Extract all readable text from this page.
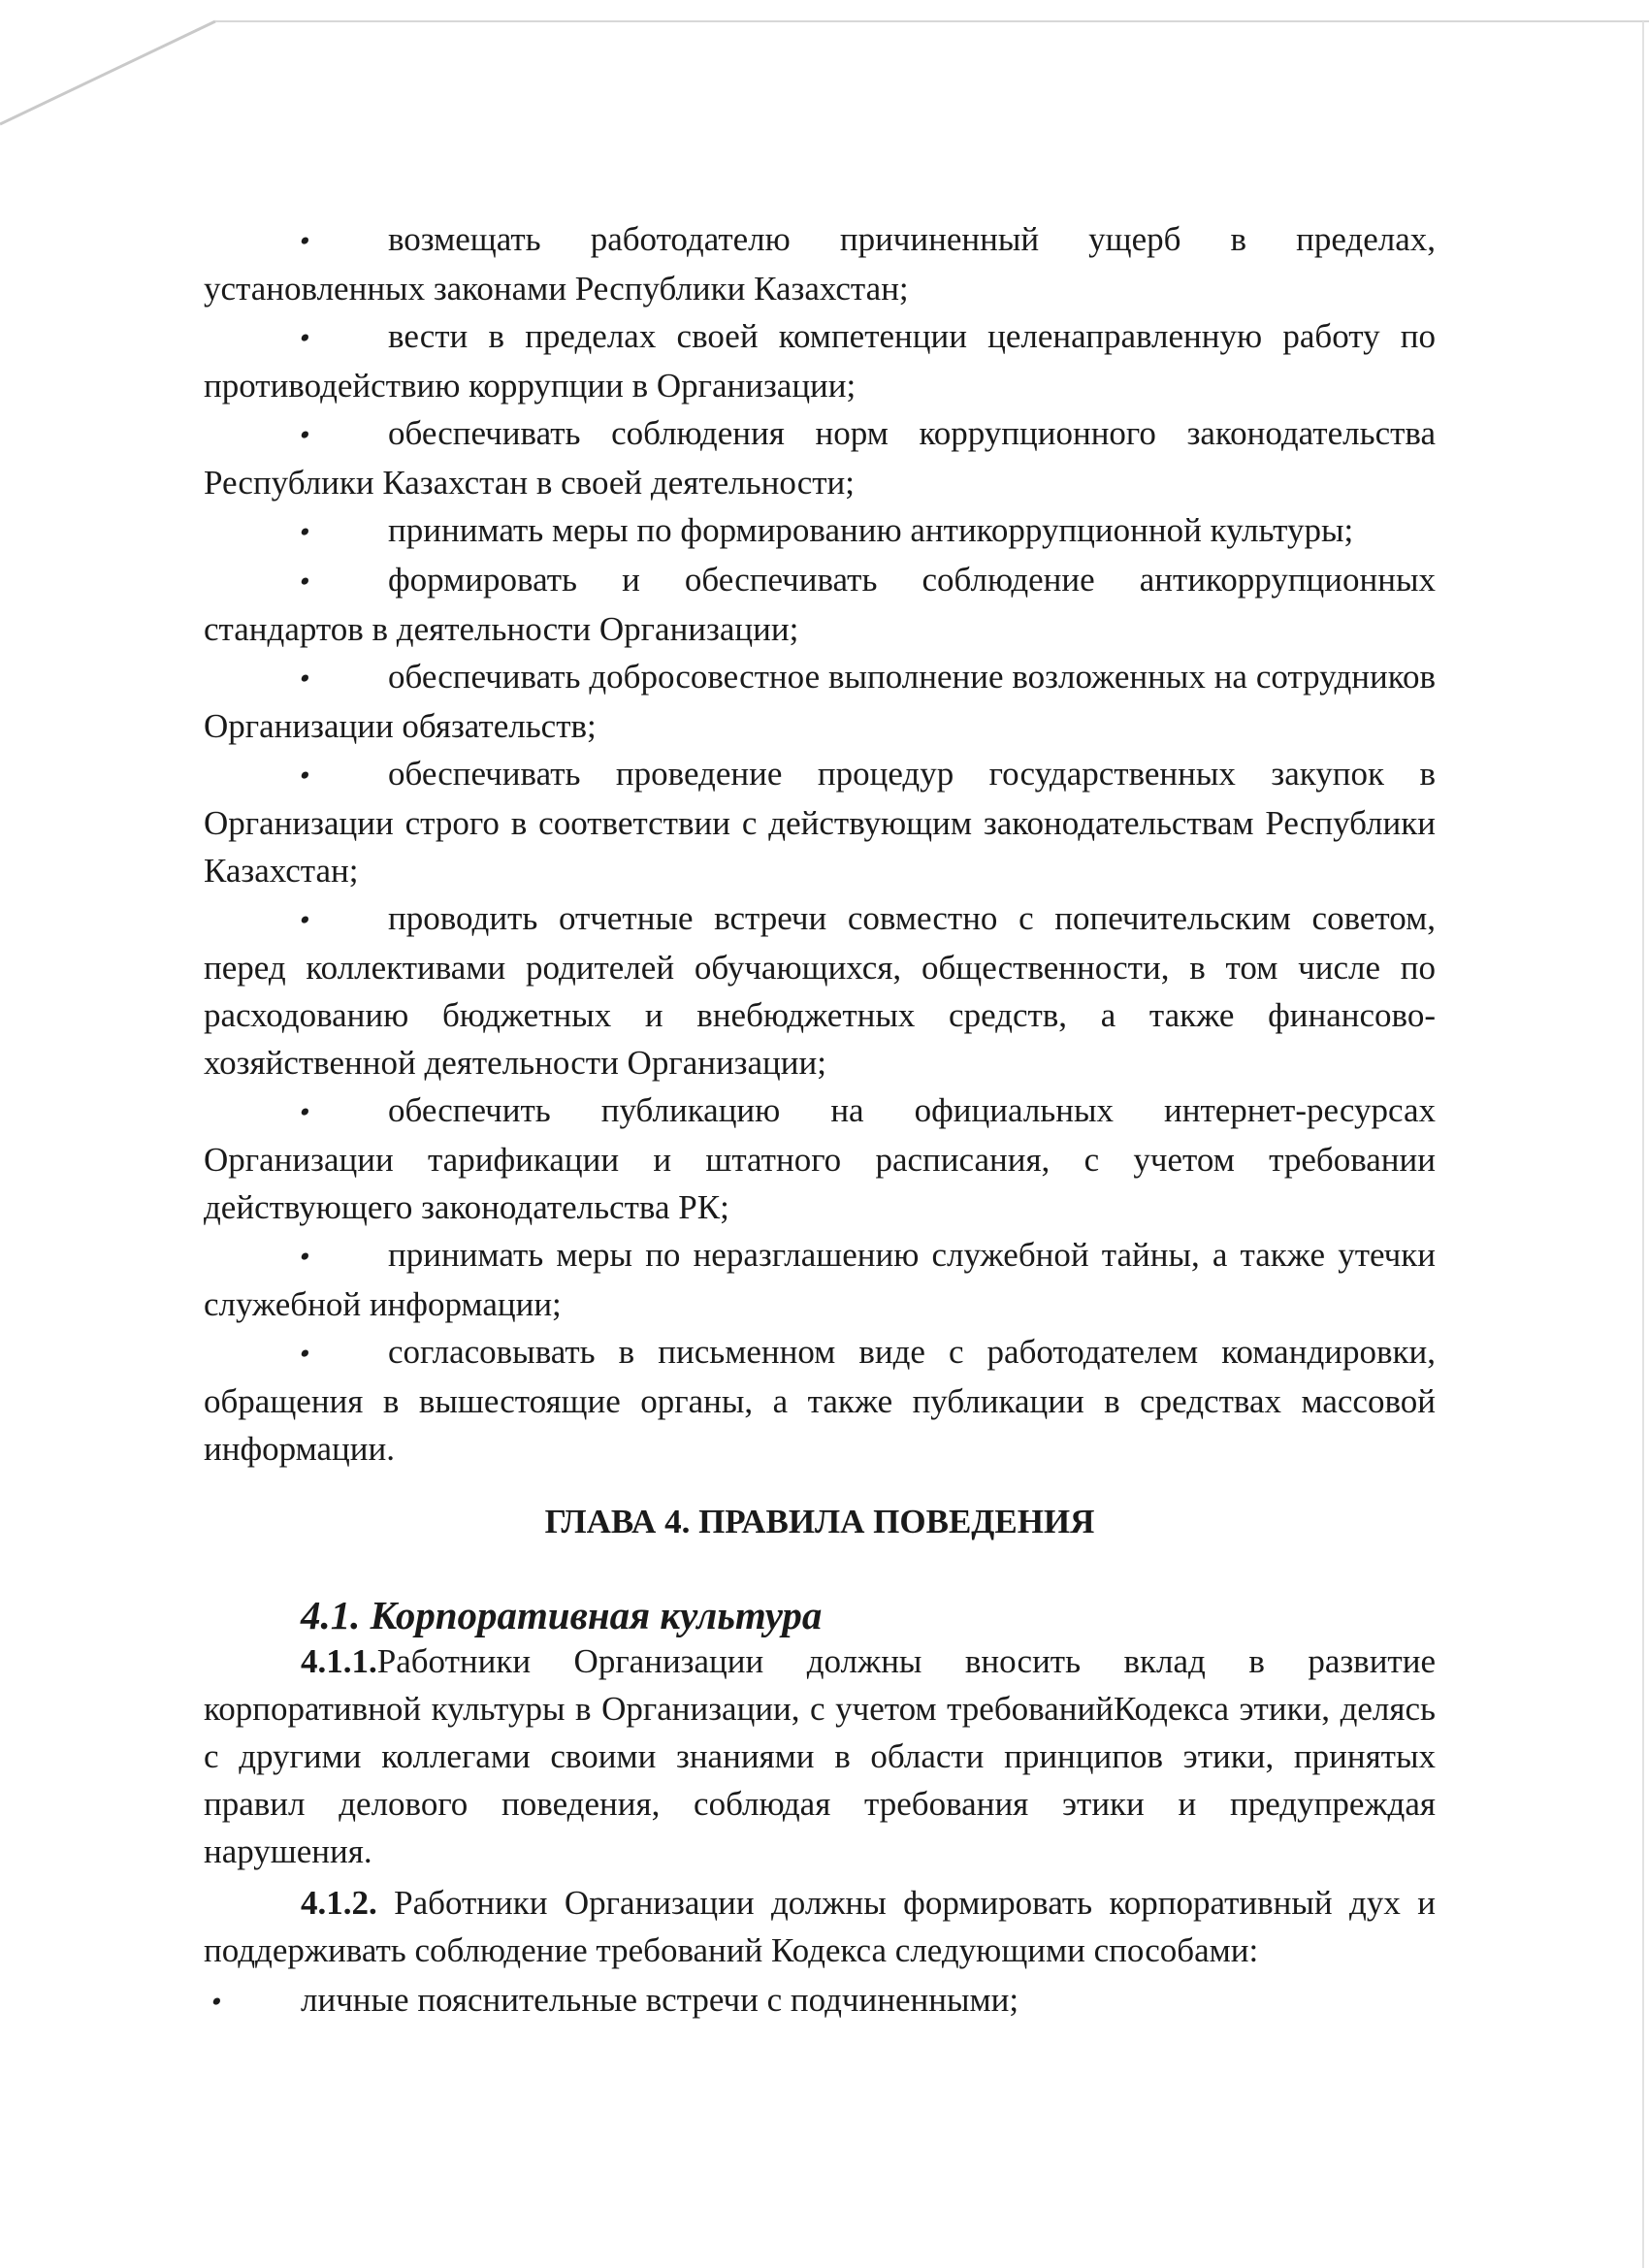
•возмещать работодателю причиненный ущерб в пределах, установленных законами Республики Казахстан;

•вести в пределах своей компетенции целенаправленную работу по противодействию коррупции в Организации;

•обеспечивать соблюдения норм коррупционного законодательства Республики Казахстан в своей деятельности;

•принимать меры по формированию антикоррупционной культуры;

•формировать и обеспечивать соблюдение антикоррупционных стандартов в деятельности Организации;

•обеспечивать добросовестное выполнение возложенных на сотрудников Организации обязательств;

•обеспечивать проведение процедур государственных закупок в Организации строго в соответствии с действующим законодательствам Республики Казахстан;

•проводить отчетные встречи совместно с попечительским советом, перед коллективами родителей обучающихся, общественности, в том числе по расходованию бюджетных и внебюджетных средств, а также финансово-хозяйственной деятельности Организации;

•обеспечить публикацию на официальных интернет-ресурсах Организации тарификации и штатного расписания, с учетом требовании действующего законодательства РК;

•принимать меры по неразглашению служебной тайны, а также утечки служебной информации;

•согласовывать в письменном виде с работодателем командировки, обращения в вышестоящие органы, а также публикации в средствах массовой информации.

ГЛАВА 4. ПРАВИЛА ПОВЕДЕНИЯ
4.1. Корпоративная культура

4.1.1.Работники Организации должны вносить вклад в развитие корпоративной культуры в Организации, с учетом требованийКодекса этики, делясь с другими коллегами своими знаниями в области принципов этики, принятых правил делового поведения, соблюдая требования этики и предупреждая нарушения.

4.1.2. Работники Организации должны формировать корпоративный дух и поддерживать соблюдение требований Кодекса следующими способами:

•личные пояснительные встречи с подчиненными;
